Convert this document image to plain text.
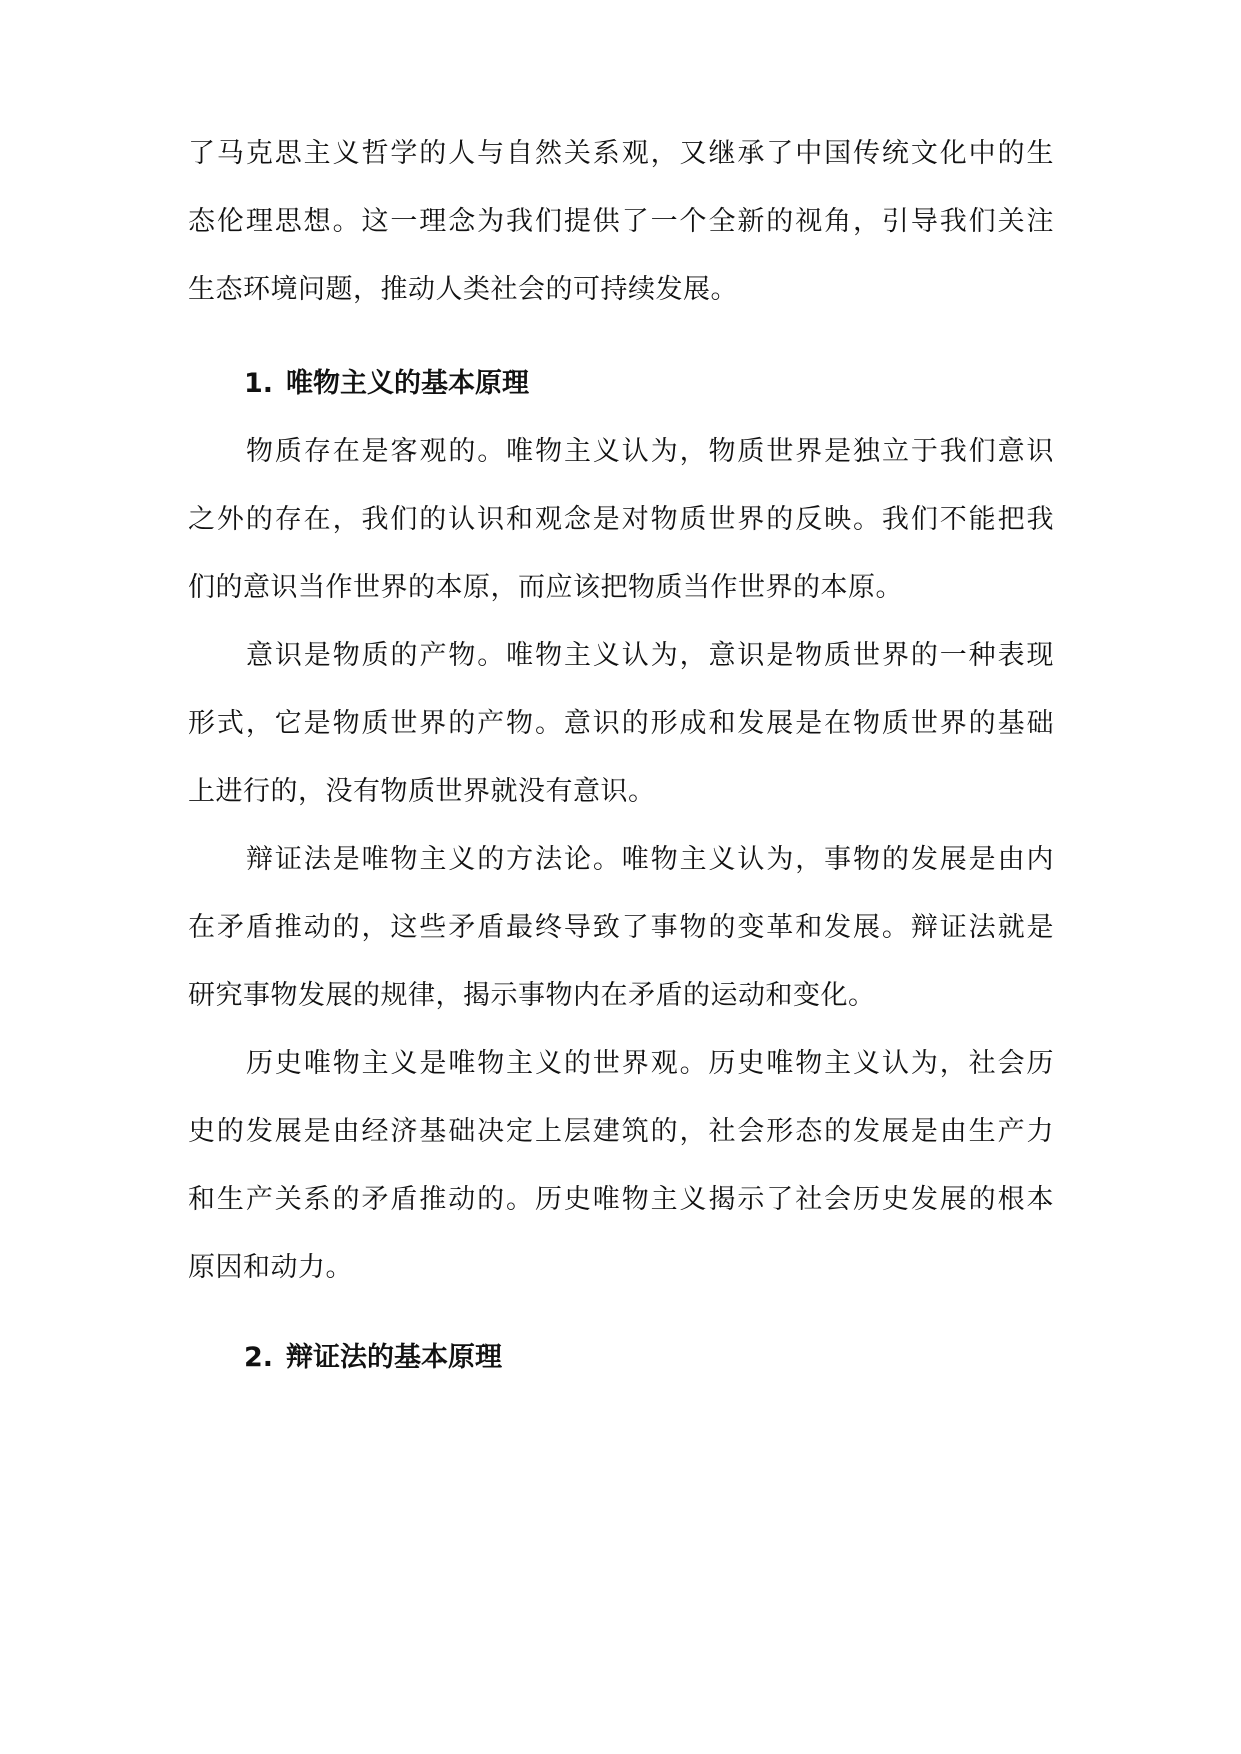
了马克思主义哲学的人与自然关系观，又继承了中国传统文化中的生
态伦理思想。这一理念为我们提供了一个全新的视角，引导我们关注
生态环境问题，推动人类社会的可持续发展。
1. 唯物主义的基本原理
物质存在是客观的。唯物主义认为，物质世界是独立于我们意识
之外的存在，我们的认识和观念是对物质世界的反映。我们不能把我
们的意识当作世界的本原，而应该把物质当作世界的本原。
意识是物质的产物。唯物主义认为，意识是物质世界的一种表现
形式，它是物质世界的产物。意识的形成和发展是在物质世界的基础
上进行的，没有物质世界就没有意识。
辩证法是唯物主义的方法论。唯物主义认为，事物的发展是由内
在矛盾推动的，这些矛盾最终导致了事物的变革和发展。辩证法就是
研究事物发展的规律，揭示事物内在矛盾的运动和变化。
历史唯物主义是唯物主义的世界观。历史唯物主义认为，社会历
史的发展是由经济基础决定上层建筑的，社会形态的发展是由生产力
和生产关系的矛盾推动的。历史唯物主义揭示了社会历史发展的根本
原因和动力。
2. 辩证法的基本原理
